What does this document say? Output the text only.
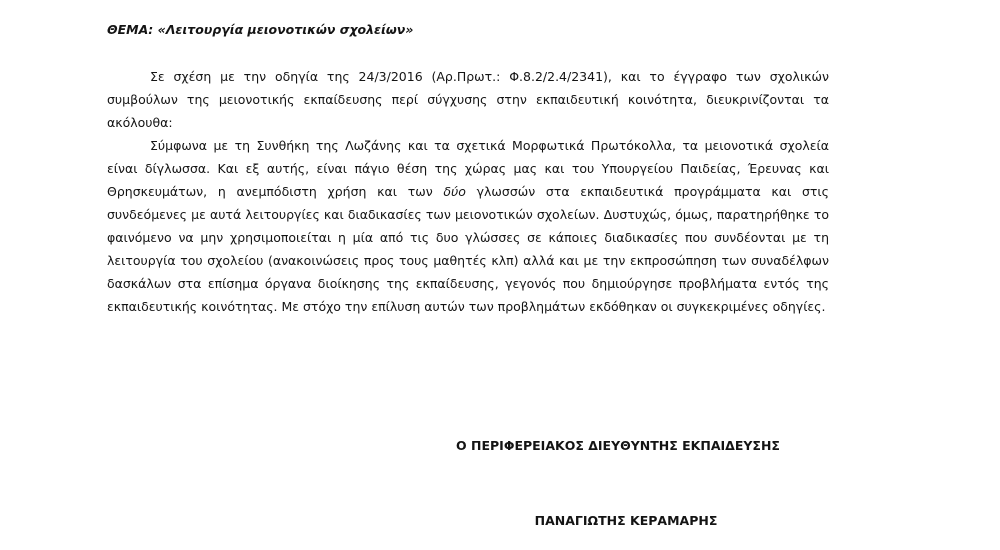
ΘΕΜΑ: «Λειτουργία μειονοτικών σχολείων»

Σε σχέση με την οδηγία της 24/3/2016 (Αρ.Πρωτ.: Φ.8.2/2.4/2341), και το έγγραφο των σχολικών συμβούλων της μειονοτικής εκπαίδευσης περί σύγχυσης στην εκπαιδευτική κοινότητα, διευκρινίζονται τα ακόλουθα:

Σύμφωνα με τη Συνθήκη της Λωζάνης και τα σχετικά Μορφωτικά Πρωτόκολλα, τα μειονοτικά σχολεία είναι δίγλωσσα. Και εξ αυτής, είναι πάγιο θέση της χώρας μας και του Υπουργείου Παιδείας, Έρευνας και Θρησκευμάτων, η ανεμπόδιστη χρήση και των δύο γλωσσών στα εκπαιδευτικά προγράμματα και στις συνδεόμενες με αυτά λειτουργίες και διαδικασίες των μειονοτικών σχολείων. Δυστυχώς, όμως, παρατηρήθηκε το φαινόμενο να μην χρησιμοποιείται η μία από τις δυο γλώσσες σε κάποιες διαδικασίες που συνδέονται με τη λειτουργία του σχολείου (ανακοινώσεις προς τους μαθητές κλπ) αλλά και με την εκπροσώπηση των συναδέλφων δασκάλων στα επίσημα όργανα διοίκησης της εκπαίδευσης, γεγονός που δημιούργησε προβλήματα εντός της εκπαιδευτικής κοινότητας. Με στόχο την επίλυση αυτών των προβλημάτων εκδόθηκαν οι συγκεκριμένες οδηγίες.

Ο ΠΕΡΙΦΕΡΕΙΑΚΟΣ ΔΙΕΥΘΥΝΤΗΣ ΕΚΠΑΙΔΕΥΣΗΣ
ΠΑΝΑΓΙΩΤΗΣ ΚΕΡΑΜΑΡΗΣ
